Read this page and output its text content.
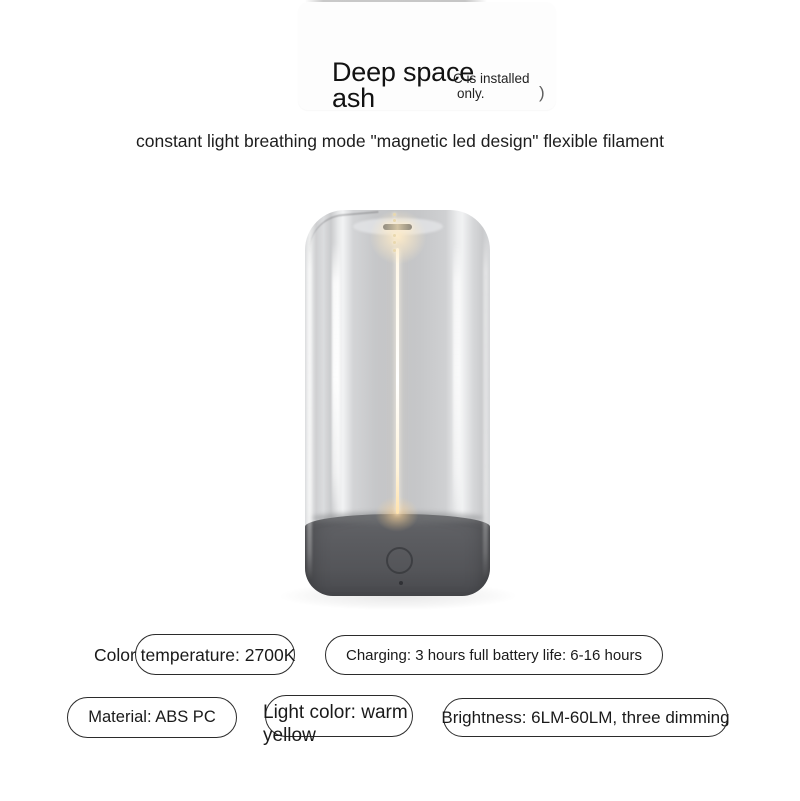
Deep space
ash
C is installed
only.	)
constant light breathing mode "magnetic led design" flexible filament
Color temperature: 2700K	Charging: 3 hours full battery life: 6-16 hours
Material: ABS PC Light color: warm yellow
Brightness: 6LM-60LM, three dimming
